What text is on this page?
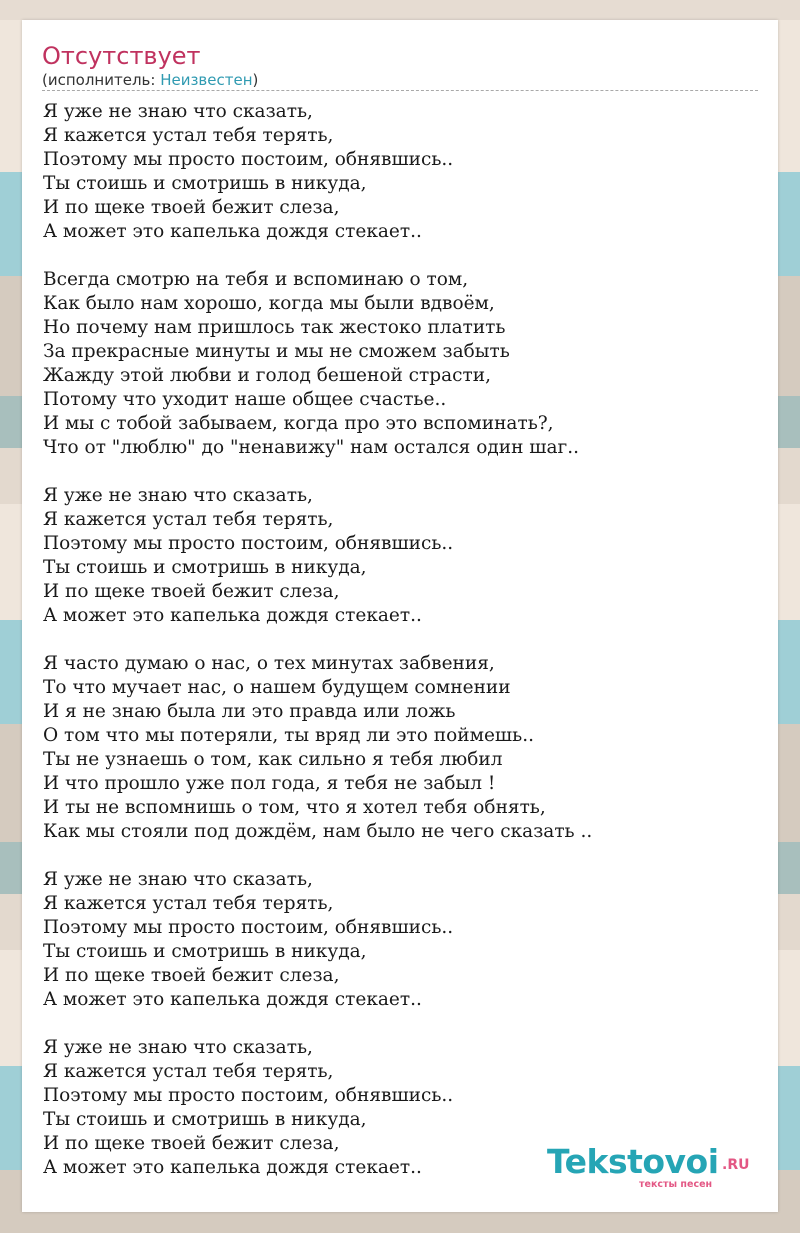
Отсутствует
(исполнитель: Неизвестен)
Я уже не знаю что сказать,
Я кажется устал тебя терять,
Поэтому мы просто постоим, обнявшись..
Ты стоишь и смотришь в никуда,
И по щеке твоей бежит слеза,
А может это капелька дождя стекает..
Всегда смотрю на тебя и вспоминаю о том,
Как было нам хорошо, когда мы были вдвоём,
Но почему нам пришлось так жестоко платить
За прекрасные минуты и мы не сможем забыть
Жажду этой любви и голод бешеной страсти,
Потому что уходит наше общее счастье..
И мы с тобой забываем, когда про это вспоминать?,
Что от "люблю" до "ненавижу" нам остался один шаг..
Я уже не знаю что сказать,
Я кажется устал тебя терять,
Поэтому мы просто постоим, обнявшись..
Ты стоишь и смотришь в никуда,
И по щеке твоей бежит слеза,
А может это капелька дождя стекает..
Я часто думаю о нас, о тех минутах забвения,
То что мучает нас, о нашем будущем сомнении
И я не знаю была ли это правда или ложь
О том что мы потеряли, ты вряд ли это поймешь..
Ты не узнаешь о том, как сильно я тебя любил
И что прошло уже пол года, я тебя не забыл !
И ты не вспомнишь о том, что я хотел тебя обнять,
Как мы стояли под дождём, нам было не чего сказать ..
Я уже не знаю что сказать,
Я кажется устал тебя терять,
Поэтому мы просто постоим, обнявшись..
Ты стоишь и смотришь в никуда,
И по щеке твоей бежит слеза,
А может это капелька дождя стекает..
Я уже не знаю что сказать,
Я кажется устал тебя терять,
Поэтому мы просто постоим, обнявшись..
Ты стоишь и смотришь в никуда,
И по щеке твоей бежит слеза,
А может это капелька дождя стекает..	Tekstovoi .RU
тексты песен
